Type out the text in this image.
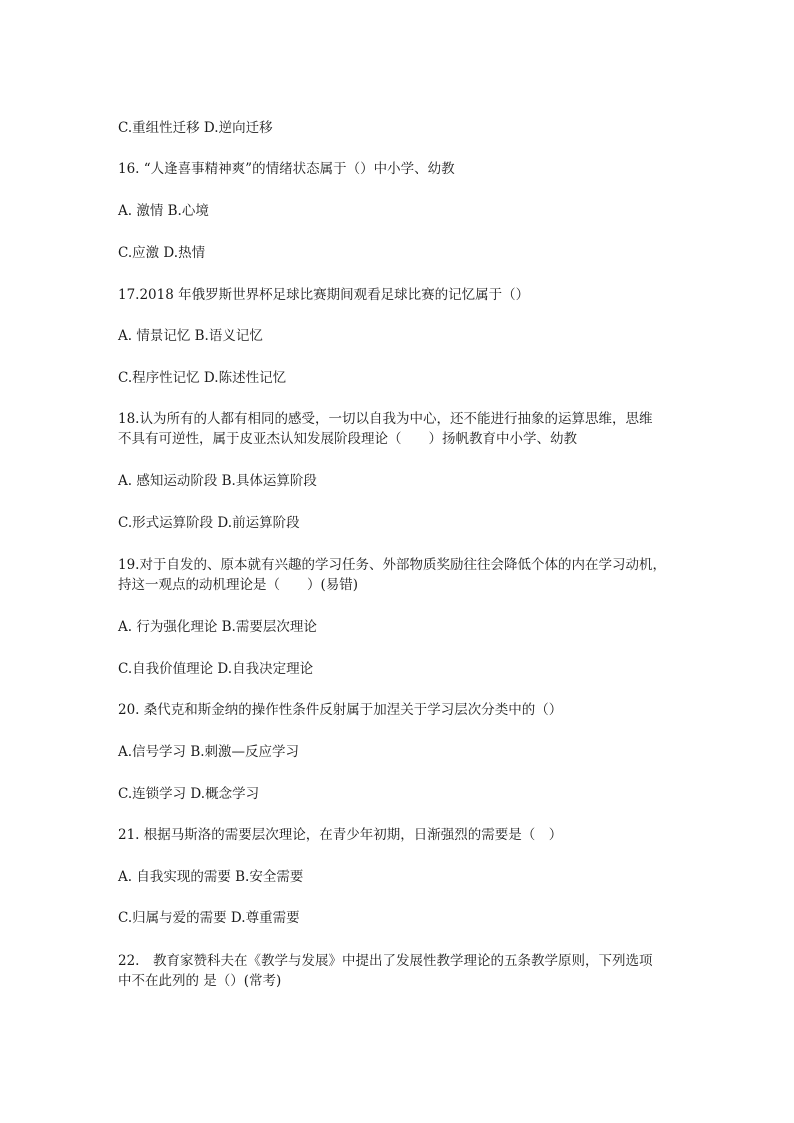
C.重组性迁移 D.逆向迁移
16. “人逢喜事精神爽”的情绪状态属于（）中小学、幼教
A. 激情 B.心境
C.应激 D.热情
17.2018 年俄罗斯世界杯足球比赛期间观看足球比赛的记忆属于（）
A. 情景记忆 B.语义记忆
C.程序性记忆 D.陈述性记忆
18.认为所有的人都有相同的感受，一切以自我为中心，还不能进行抽象的运算思维，思维
不具有可逆性，属于皮亚杰认知发展阶段理论（　　）扬帆教育中小学、幼教
A. 感知运动阶段 B.具体运算阶段
C.形式运算阶段 D.前运算阶段
19.对于自发的、原本就有兴趣的学习任务、外部物质奖励往往会降低个体的内在学习动机，
持这一观点的动机理论是（　　）(易错)
A. 行为强化理论 B.需要层次理论
C.自我价值理论 D.自我决定理论
20. 桑代克和斯金纳的操作性条件反射属于加涅关于学习层次分类中的（）
A.信号学习 B.刺激—反应学习
C.连锁学习 D.概念学习
21. 根据马斯洛的需要层次理论，在青少年初期，日渐强烈的需要是（　）
A. 自我实现的需要 B.安全需要
C.归属与爱的需要 D.尊重需要
22.　教育家赞科夫在《教学与发展》中提出了发展性教学理论的五条教学原则，下列选项
中不在此列的 是（）(常考)
